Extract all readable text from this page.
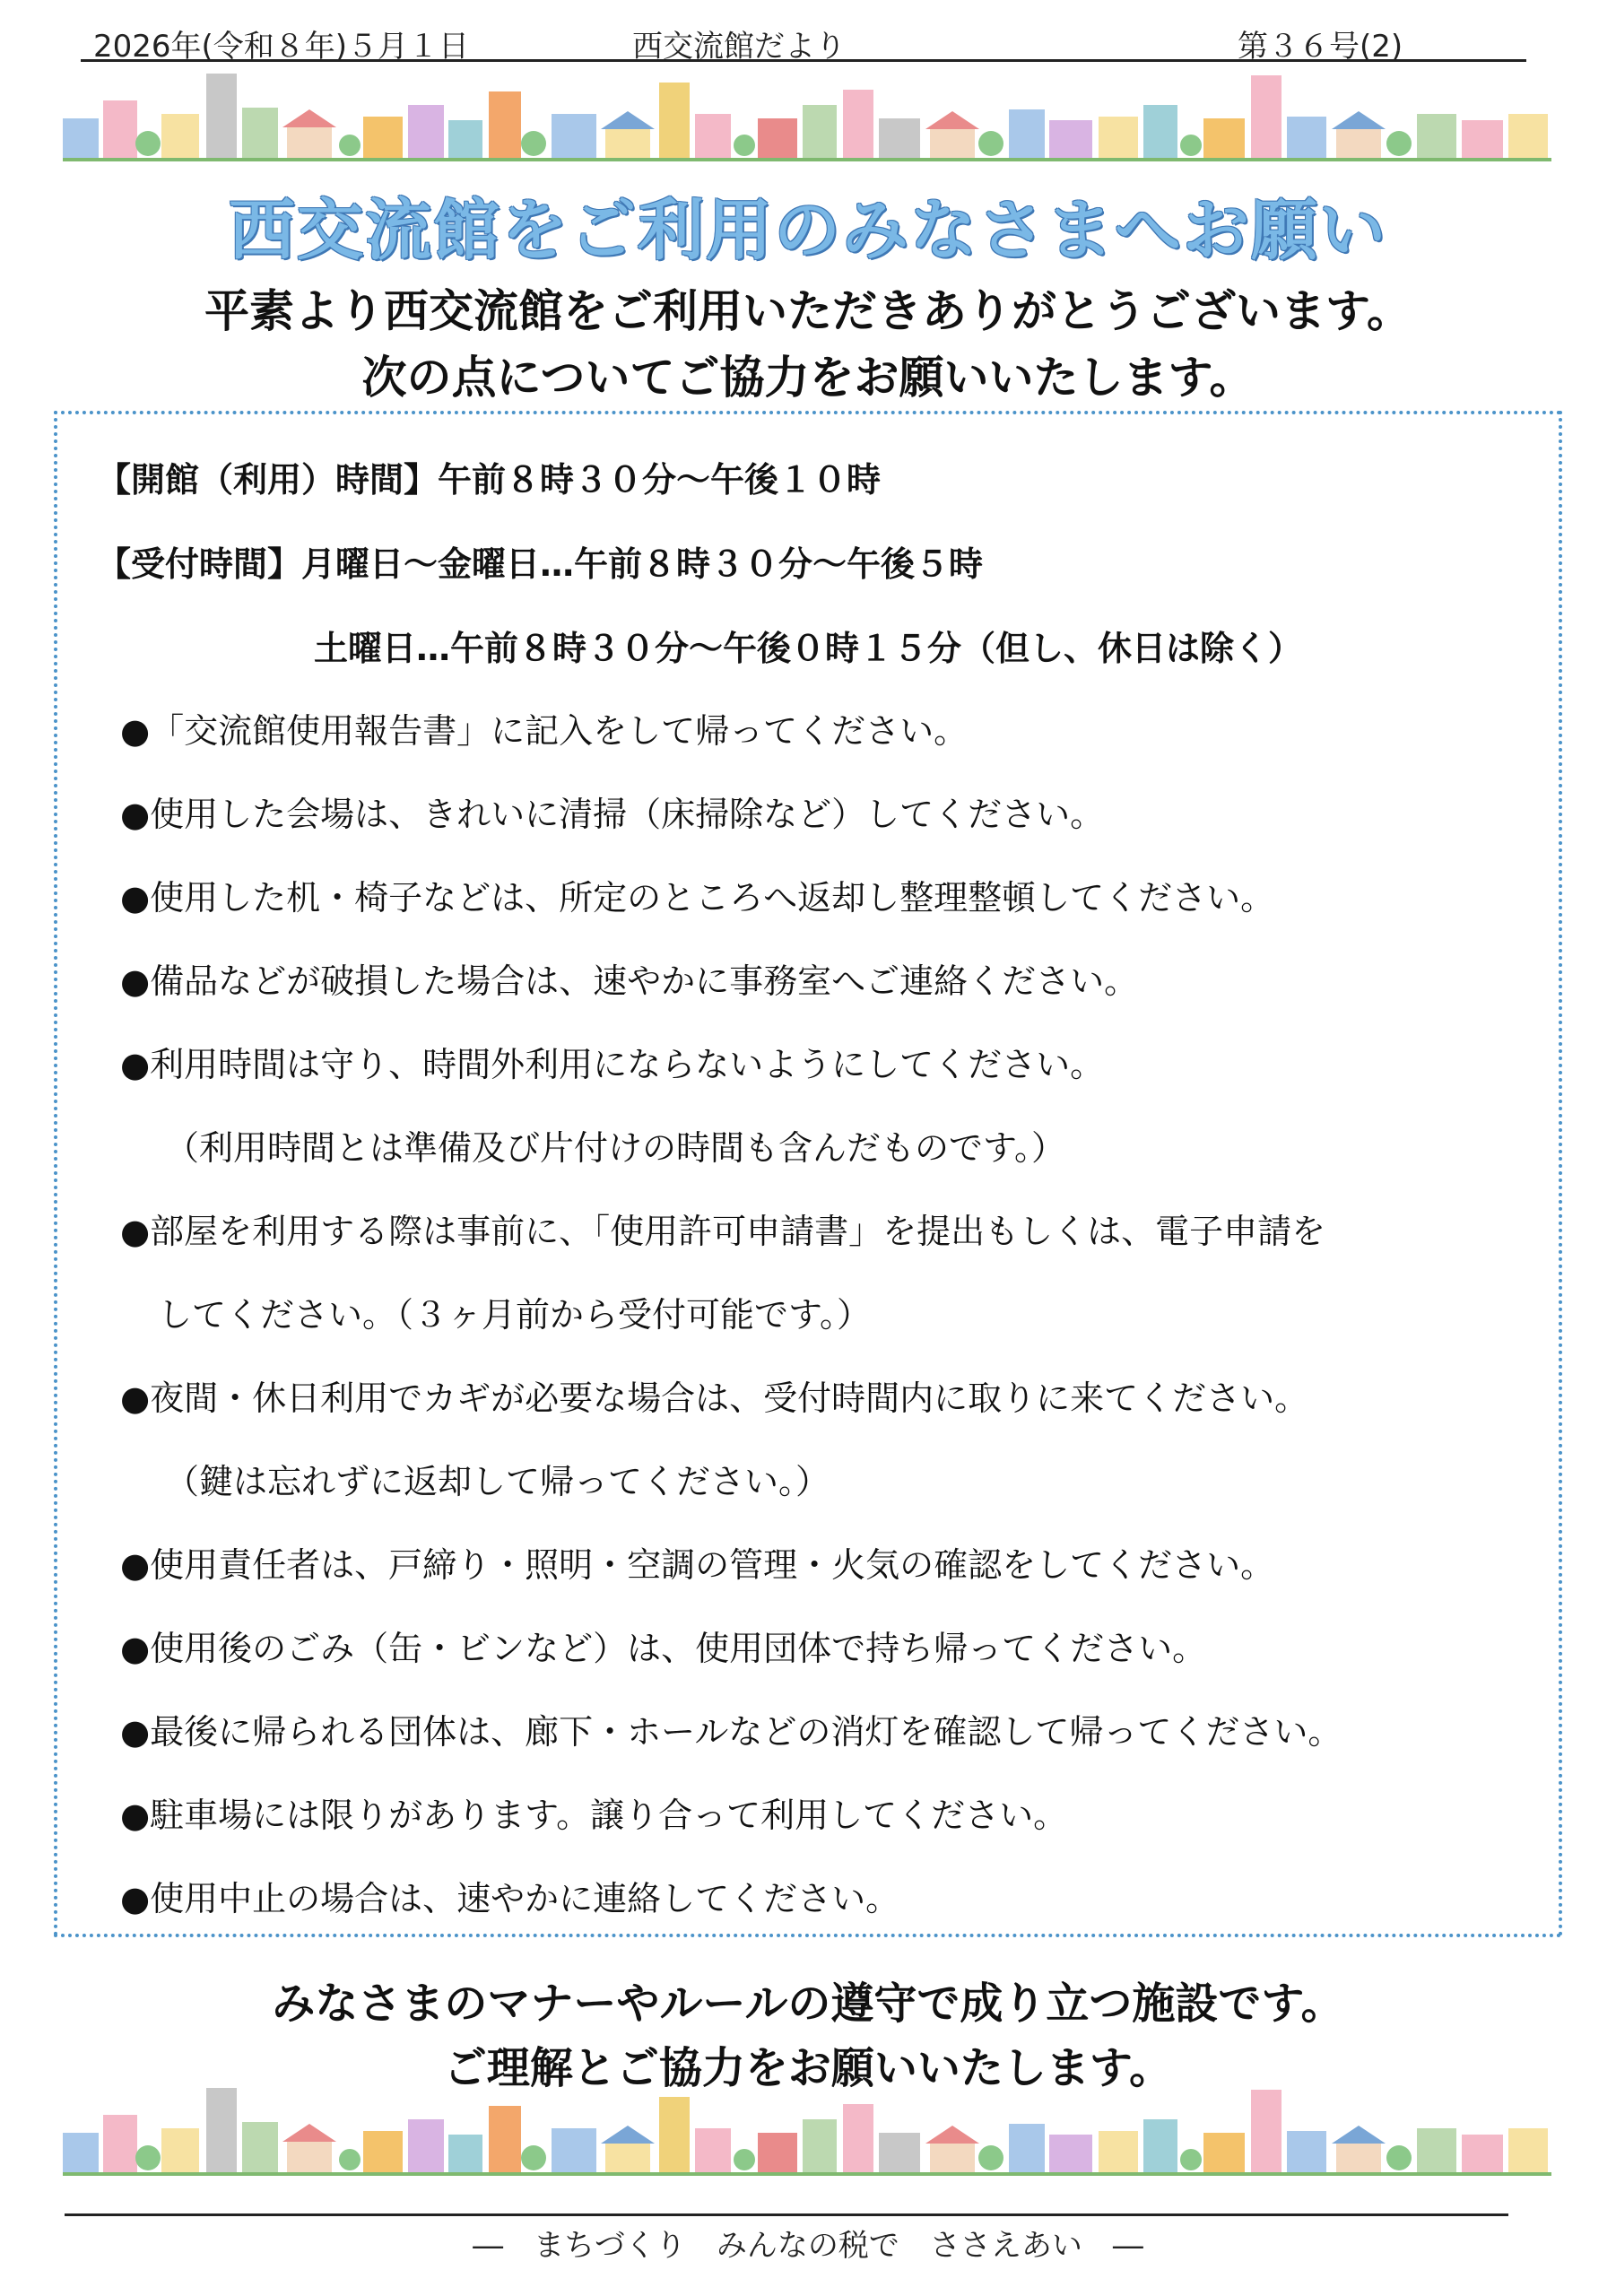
2026年(令和８年)５月１日	西交流館だより	第３６号(2)
西交流館をご利用のみなさまへお願い
平素より西交流館をご利用いただきありがとうございます。
次の点についてご協力をお願いいたします。
【開館（利用）時間】午前８時３０分～午後１０時
【受付時間】月曜日～金曜日…午前８時３０分～午後５時
土曜日…午前８時３０分～午後０時１５分（但し、休日は除く）
●「交流館使用報告書」に記入をして帰ってください。
●使用した会場は、きれいに清掃（床掃除など）してください。
●使用した机・椅子などは、所定のところへ返却し整理整頓してください。
●備品などが破損した場合は、速やかに事務室へご連絡ください。
●利用時間は守り、時間外利用にならないようにしてください。
（利用時間とは準備及び片付けの時間も含んだものです。）
●部屋を利用する際は事前に、「使用許可申請書」を提出もしくは、電子申請を
してください。（３ヶ月前から受付可能です。）
●夜間・休日利用でカギが必要な場合は、受付時間内に取りに来てください。
（鍵は忘れずに返却して帰ってください。）
●使用責任者は、戸締り・照明・空調の管理・火気の確認をしてください。
●使用後のごみ（缶・ビンなど）は、使用団体で持ち帰ってください。
●最後に帰られる団体は、廊下・ホールなどの消灯を確認して帰ってください。
●駐車場には限りがあります。譲り合って利用してください。
●使用中止の場合は、速やかに連絡してください。
みなさまのマナーやルールの遵守で成り立つ施設です。
ご理解とご協力をお願いいたします。
―　まちづくり　みんなの税で　ささえあい　―
